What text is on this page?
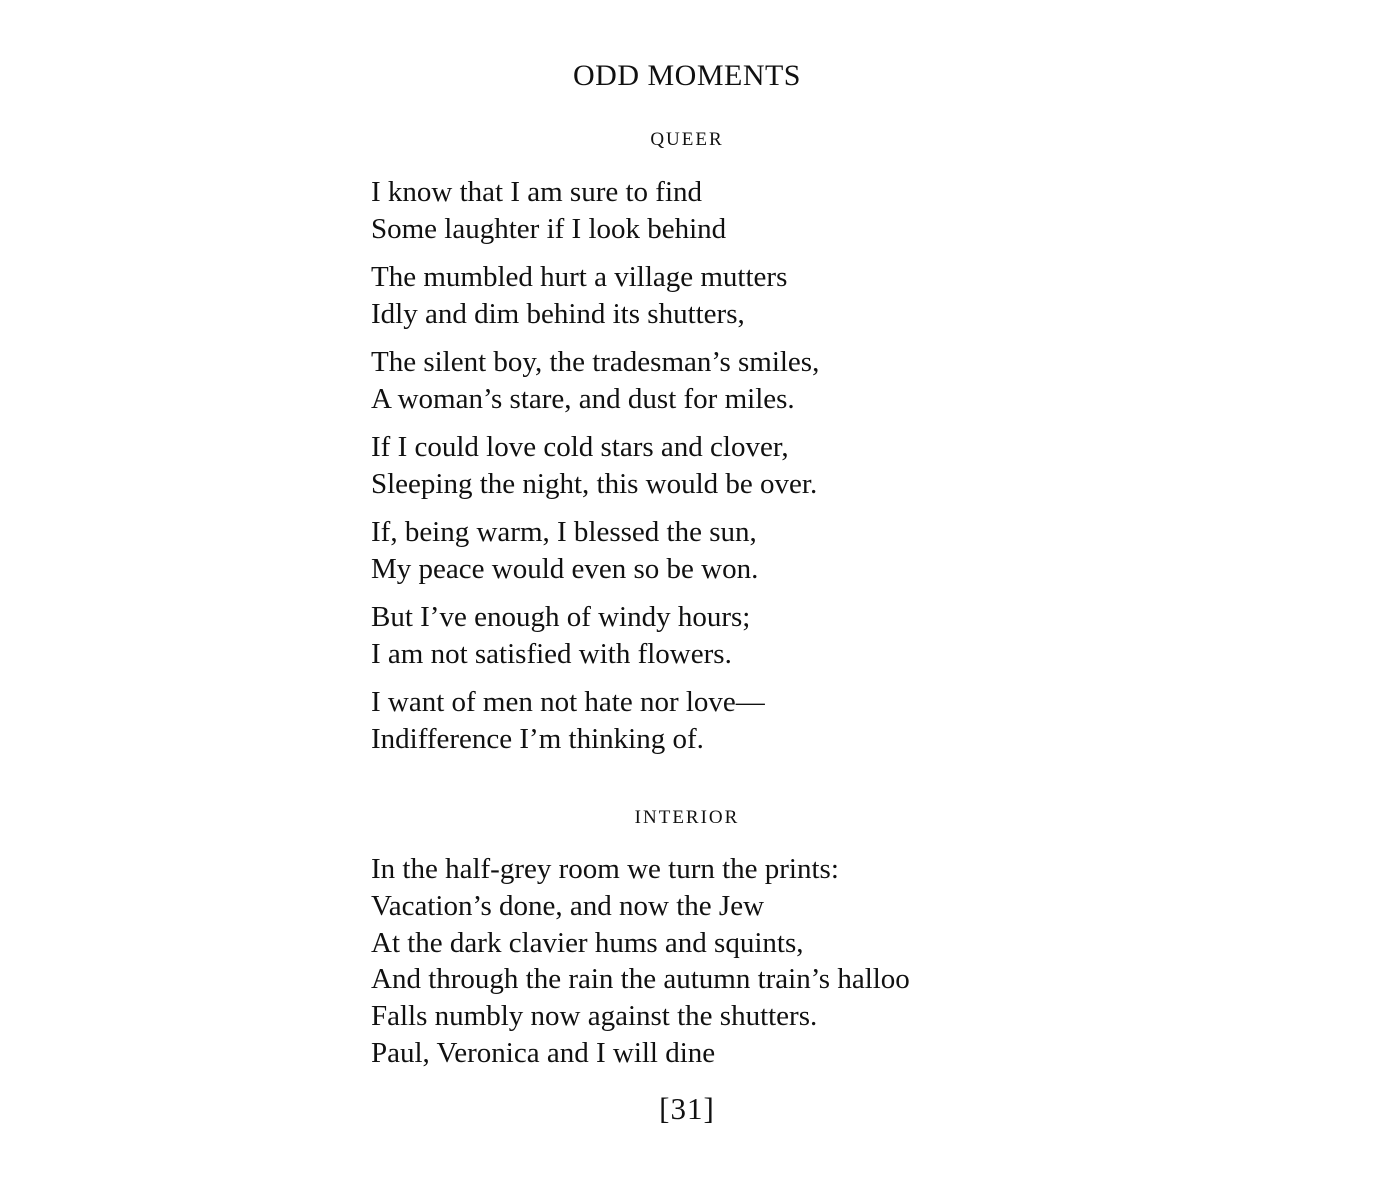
ODD MOMENTS
QUEER
I know that I am sure to find
Some laughter if I look behind
The mumbled hurt a village mutters
Idly and dim behind its shutters,
The silent boy, the tradesman’s smiles,
A woman’s stare, and dust for miles.
If I could love cold stars and clover,
Sleeping the night, this would be over.
If, being warm, I blessed the sun,
My peace would even so be won.
But I’ve enough of windy hours;
I am not satisfied with flowers.
I want of men not hate nor love—
Indifference I’m thinking of.
INTERIOR
In the half-grey room we turn the prints:
Vacation’s done, and now the Jew
At the dark clavier hums and squints,
And through the rain the autumn train’s halloo
Falls numbly now against the shutters.
Paul, Veronica and I will dine
[31]
